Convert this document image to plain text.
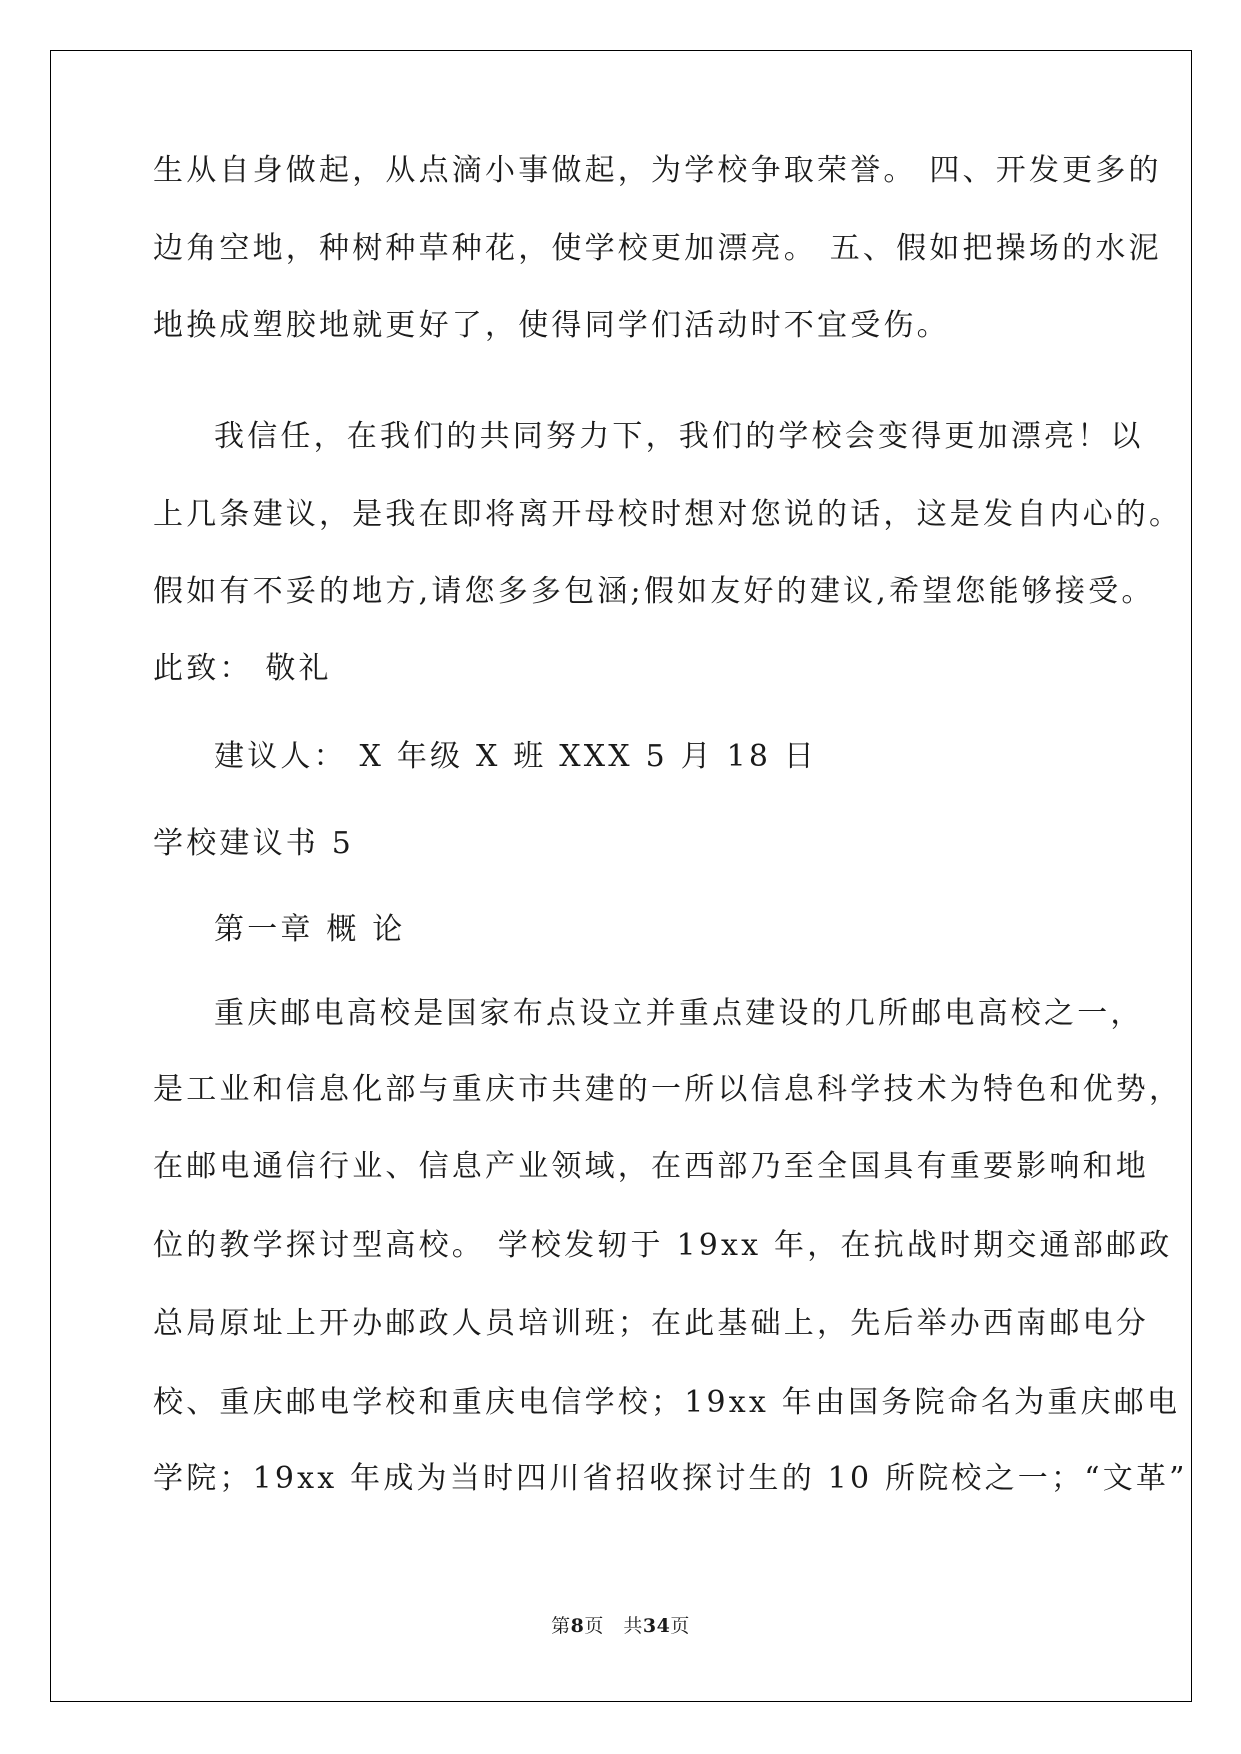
生从自身做起，从点滴小事做起，为学校争取荣誉。 四、开发更多的
边角空地，种树种草种花，使学校更加漂亮。 五、假如把操场的水泥
地换成塑胶地就更好了，使得同学们活动时不宜受伤。
我信任，在我们的共同努力下，我们的学校会变得更加漂亮！以
上几条建议，是我在即将离开母校时想对您说的话，这是发自内心的。
假如有不妥的地方,请您多多包涵;假如友好的建议,希望您能够接受。
此致： 敬礼
建议人： X 年级 X 班 XXX 5 月 18 日
学校建议书 5
第一章 概 论
重庆邮电高校是国家布点设立并重点建设的几所邮电高校之一，
是工业和信息化部与重庆市共建的一所以信息科学技术为特色和优势，
在邮电通信行业、信息产业领域，在西部乃至全国具有重要影响和地
位的教学探讨型高校。 学校发轫于 19xx 年，在抗战时期交通部邮政
总局原址上开办邮政人员培训班；在此基础上，先后举办西南邮电分
校、重庆邮电学校和重庆电信学校；19xx 年由国务院命名为重庆邮电
学院；19xx 年成为当时四川省招收探讨生的 10 所院校之一；“文革”
第8页　共34页
